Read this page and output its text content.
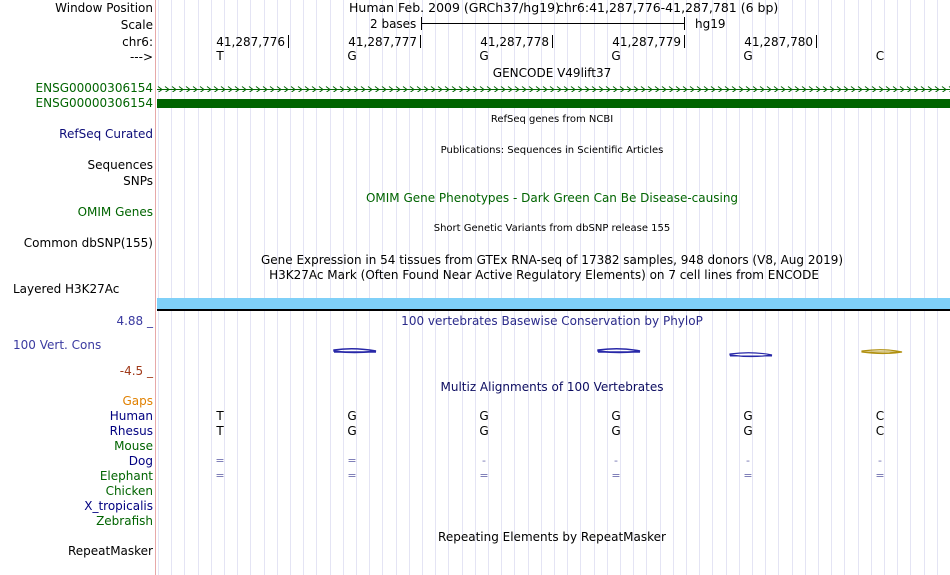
Window Position	Human Feb. 2009 (GRCh37/hg19)
chr6:41,287,776-41,287,781 (6 bp)
Scale	2 bases	hg19
chr6:	41,287,776	41,287,777	41,287,778	41,287,779	41,287,780
--->	T	G	G	G	G	C
GENCODE V49lift37
ENSG00000306154
ENSG00000306154
RefSeq genes from NCBI
RefSeq Curated
Publications: Sequences in Scientific Articles
Sequences
SNPs
OMIM Gene Phenotypes - Dark Green Can Be Disease-causing
OMIM Genes
Short Genetic Variants from dbSNP release 155
Common dbSNP(155)
Gene Expression in 54 tissues from GTEx RNA-seq of 17382 samples, 948 donors (V8, Aug 2019)
H3K27Ac Mark (Often Found Near Active Regulatory Elements) on 7 cell lines from ENCODE
Layered H3K27Ac
4.88 _	100 vertebrates Basewise Conservation by PhyloP
100 Vert. Cons
-4.5 _
Multiz Alignments of 100 Vertebrates
Gaps
Human	T	G	G	G	G	C
Rhesus	T	G	G	G	G	C
Mouse
Dog	=	=	-	-	-	-
Elephant	=	=	=	=	=	=
Chicken
X_tropicalis
Zebrafish
Repeating Elements by RepeatMasker
RepeatMasker
